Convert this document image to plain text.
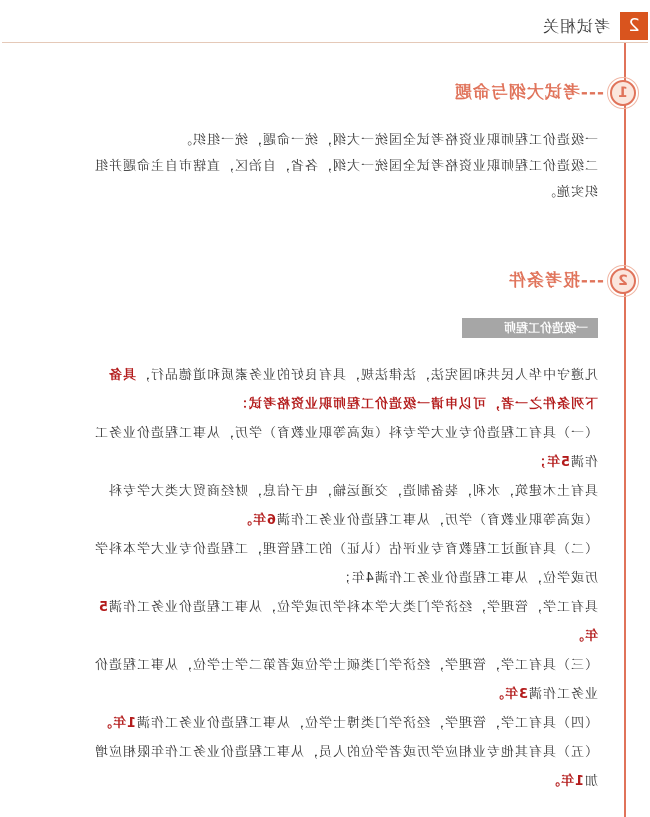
2
考试相关
1
---考试大纲与命题
一级造价工程师职业资格考试全国统一大纲，统一命题，统一组织。
二级造价工程师职业资格考试全国统一大纲，各省，自治区，直辖市自主命题并组
织实施。
2
---报考条件
一级造价工程师
凡遵守中华人民共和国宪法，法律法规，具有良好的业务素质和道德品行，具备
下列条件之一者，可以申请一级造价工程师职业资格考试：
（一）具有工程造价专业大学专科（或高等职业教育）学历，从事工程造价业务工
作满5年；
具有土木建筑，水利，装备制造，交通运输，电子信息，财经商贸大类大学专科
（或高等职业教育）学历，从事工程造价业务工作满6年。
（二）具有通过工程教育专业评估（认证）的工程管理，工程造价专业大学本科学
历或学位，从事工程造价业务工作满4年；
具有工学，管理学，经济学门类大学本科学历或学位，从事工程造价业务工作满5
年。
（三）具有工学，管理学，经济学门类硕士学位或者第二学士学位，从事工程造价
业务工作满3年。
（四）具有工学，管理学，经济学门类博士学位，从事工程造价业务工作满1年。
（五）具有其他专业相应学历或者学位的人员，从事工程造价业务工作年限相应增
加1年。
